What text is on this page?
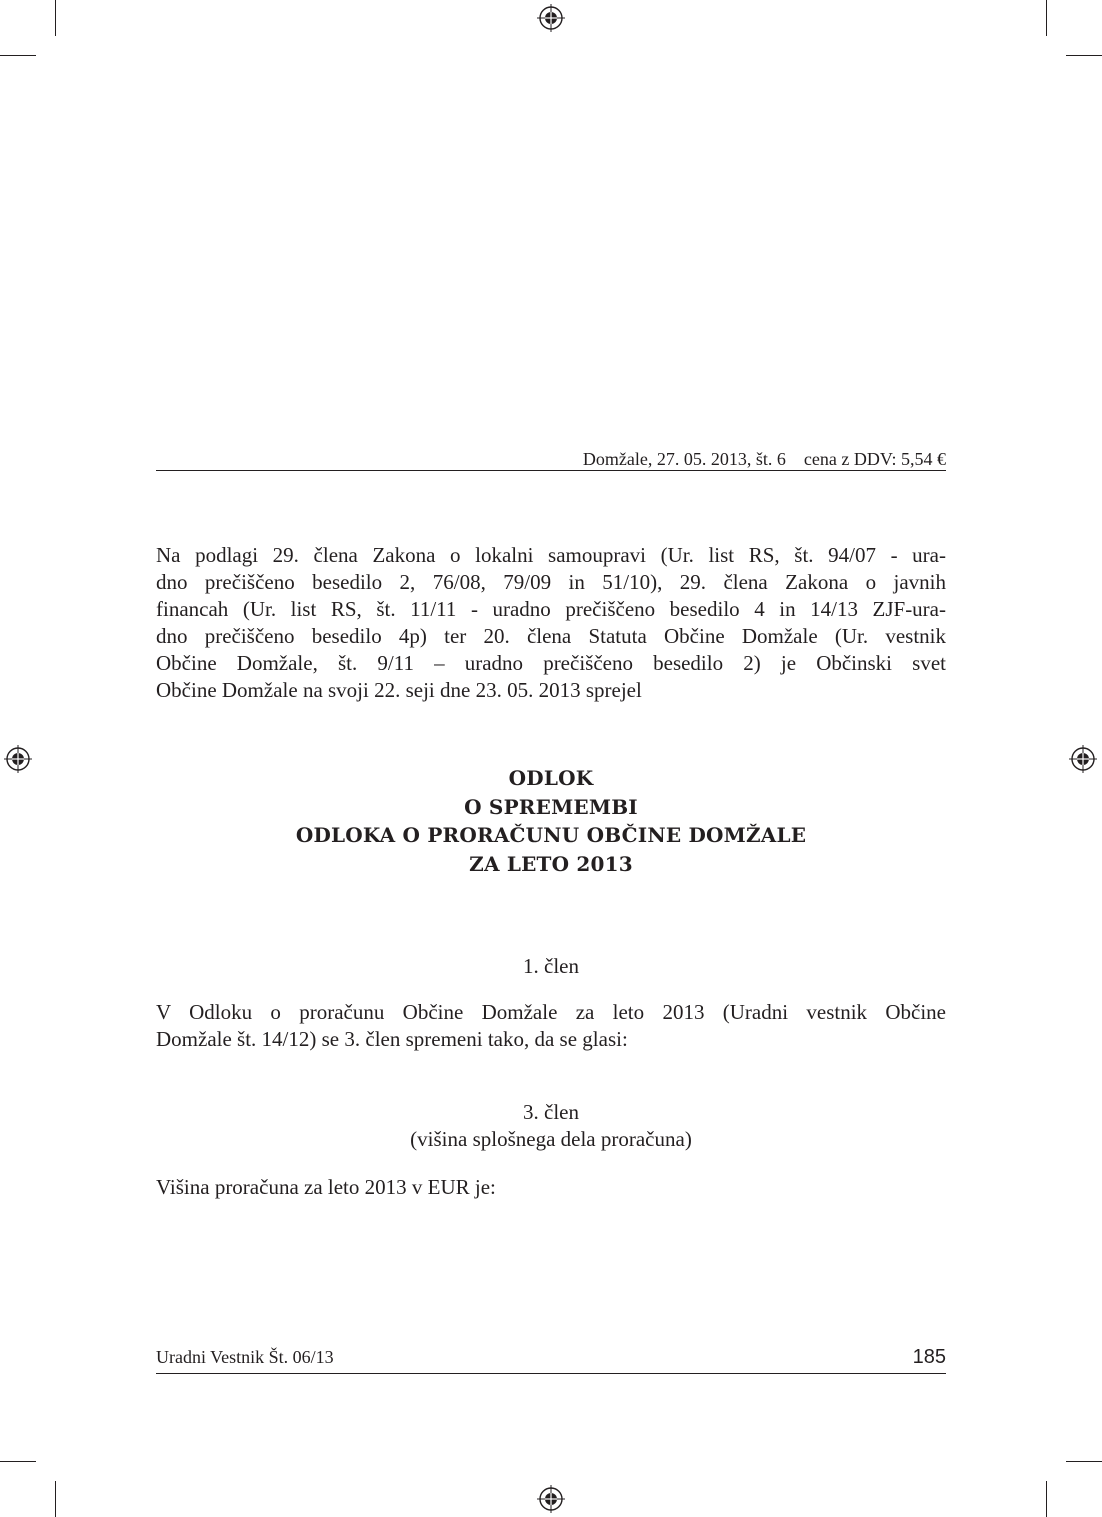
Domžale, 27. 05. 2013, št. 6 cena z DDV: 5,54 €
Na podlagi 29. člena Zakona o lokalni samoupravi (Ur. list RS, št. 94/07 - ura-
dno prečiščeno besedilo 2, 76/08, 79/09 in 51/10), 29. člena Zakona o javnih
financah (Ur. list RS, št. 11/11 - uradno prečiščeno besedilo 4 in 14/13 ZJF-ura-
dno prečiščeno besedilo 4p) ter 20. člena Statuta Občine Domžale (Ur. vestnik
Občine Domžale, št. 9/11 – uradno prečiščeno besedilo 2) je Občinski svet
Občine Domžale na svoji 22. seji dne 23. 05. 2013 sprejel
ODLOK
O SPREMEMBI
ODLOKA O PRORAČUNU OBČINE DOMŽALE
ZA LETO 2013
1. člen
V Odloku o proračunu Občine Domžale za leto 2013 (Uradni vestnik Občine
Domžale št. 14/12) se 3. člen spremeni tako, da se glasi:
3. člen
(višina splošnega dela proračuna)
Višina proračuna za leto 2013 v EUR je:
Uradni Vestnik Št. 06/13	185
